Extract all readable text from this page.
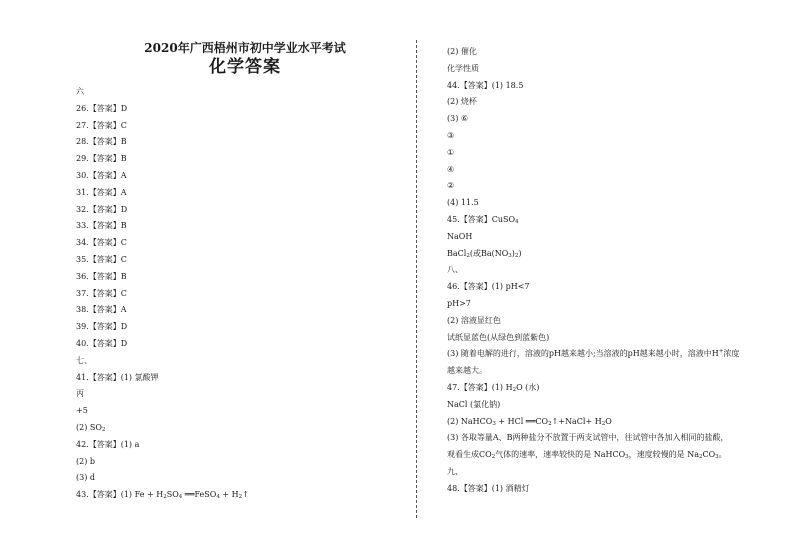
2020年广西梧州市初中学业水平考试
化学答案
六
26.【答案】D
27.【答案】C
28.【答案】B
29.【答案】B
30.【答案】A
31.【答案】A
32.【答案】D
33.【答案】B
34.【答案】C
35.【答案】C
36.【答案】B
37.【答案】C
38.【答案】A
39.【答案】D
40.【答案】D
七、
41.【答案】(1) 氯酸钾
丙
+5
(2) $SO_2$
42.【答案】(1) a
(2) b
(3) d
43.【答案】(1) $Fe + H_2SO_4$ ══FeSO$_4$ + $H_2↑$
(2) 催化
化学性质
44.【答案】(1) 18.5
(2) 烧杯
(3) ⑥
③
①
④
②
(4) 11.5
45.【答案】CuSO$_4$
NaOH
BaCl$_2$(或$Ba(NO_3)_2$)
八、
46.【答案】(1) pH<7
pH>7
(2) 溶液显红色
试纸显蓝色(从绿色到蓝紫色)
(3) 随着电解的进行，溶液的pH越来越小;当溶液的pH越来越小时，溶液中H+浓度
越来越大。
47.【答案】(1) $H_2O$ (水)
NaCl (氯化钠)
(2) NaHCO$_3$ + HCl $══CO_2↑+NaCl+ H_2O$
(3) 各取等量A、B两种盐分不放置于两支试管中，往试管中各加入相同的盐酸，
观看生成$CO_2$气体的速率，速率较快的是 NaHCO$_3$，速度较慢的是 $Na_2CO_3$。
九、
48.【答案】(1) 酒精灯
